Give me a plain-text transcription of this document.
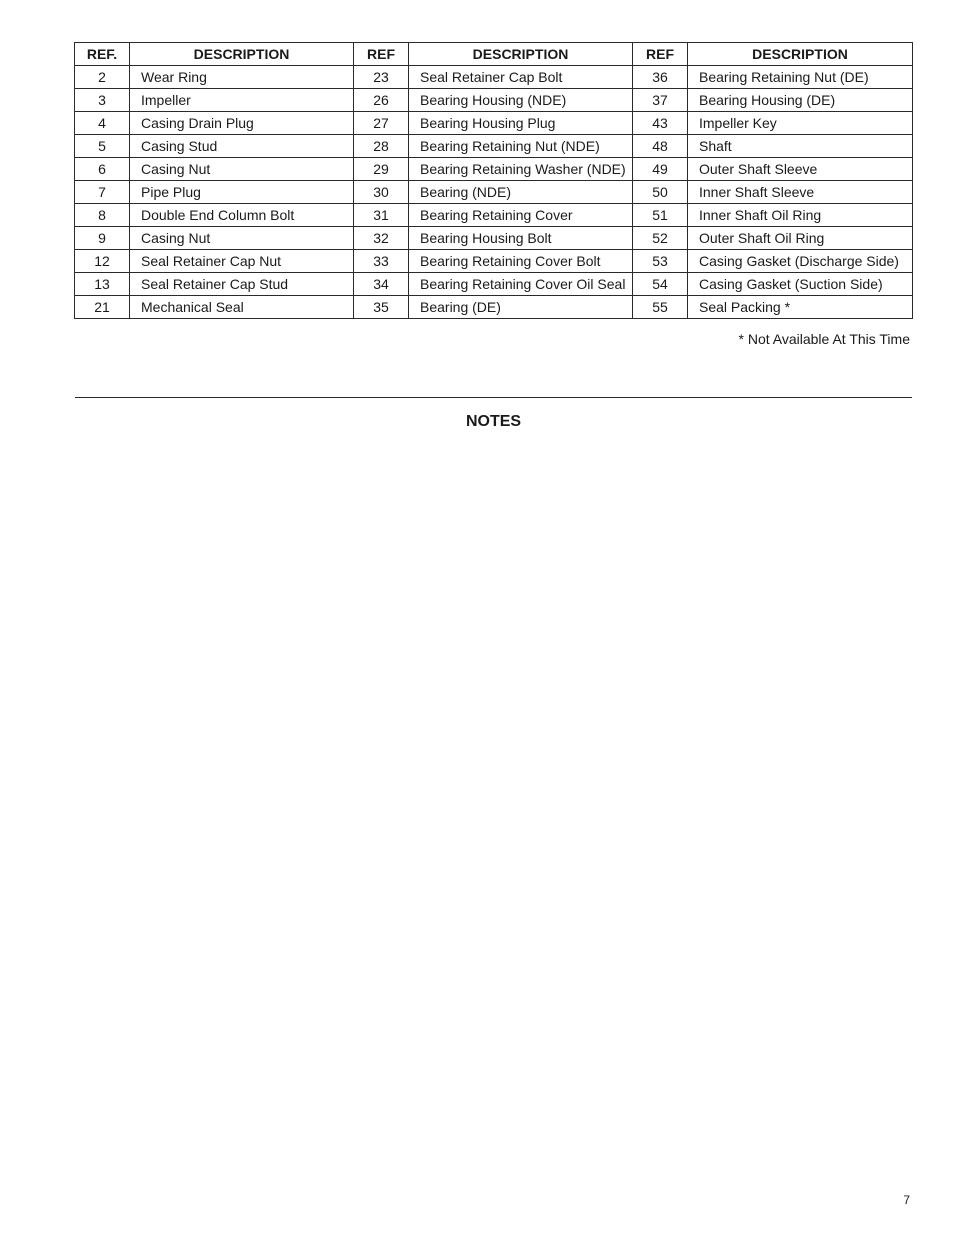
REF.	DESCRIPTION	REF	DESCRIPTION	REF	DESCRIPTION
2	Wear Ring	23	Seal Retainer Cap Bolt	36	Bearing Retaining Nut (DE)
3	Impeller	26	Bearing Housing (NDE)	37	Bearing Housing (DE)
4	Casing Drain Plug	27	Bearing Housing Plug	43	Impeller Key
5	Casing Stud	28	Bearing Retaining Nut (NDE)	48	Shaft
6	Casing Nut	29	Bearing Retaining Washer (NDE)	49	Outer Shaft Sleeve
7	Pipe Plug	30	Bearing (NDE)	50	Inner Shaft Sleeve
8	Double End Column Bolt	31	Bearing Retaining Cover	51	Inner Shaft Oil Ring
9	Casing Nut	32	Bearing Housing Bolt	52	Outer Shaft Oil Ring
12	Seal Retainer Cap Nut	33	Bearing Retaining Cover Bolt	53	Casing Gasket (Discharge Side)
13	Seal Retainer Cap Stud	34	Bearing Retaining Cover Oil Seal	54	Casing Gasket (Suction Side)
21	Mechanical Seal	35	Bearing (DE)	55	Seal Packing *
* Not Available At This Time
NOTES
7
